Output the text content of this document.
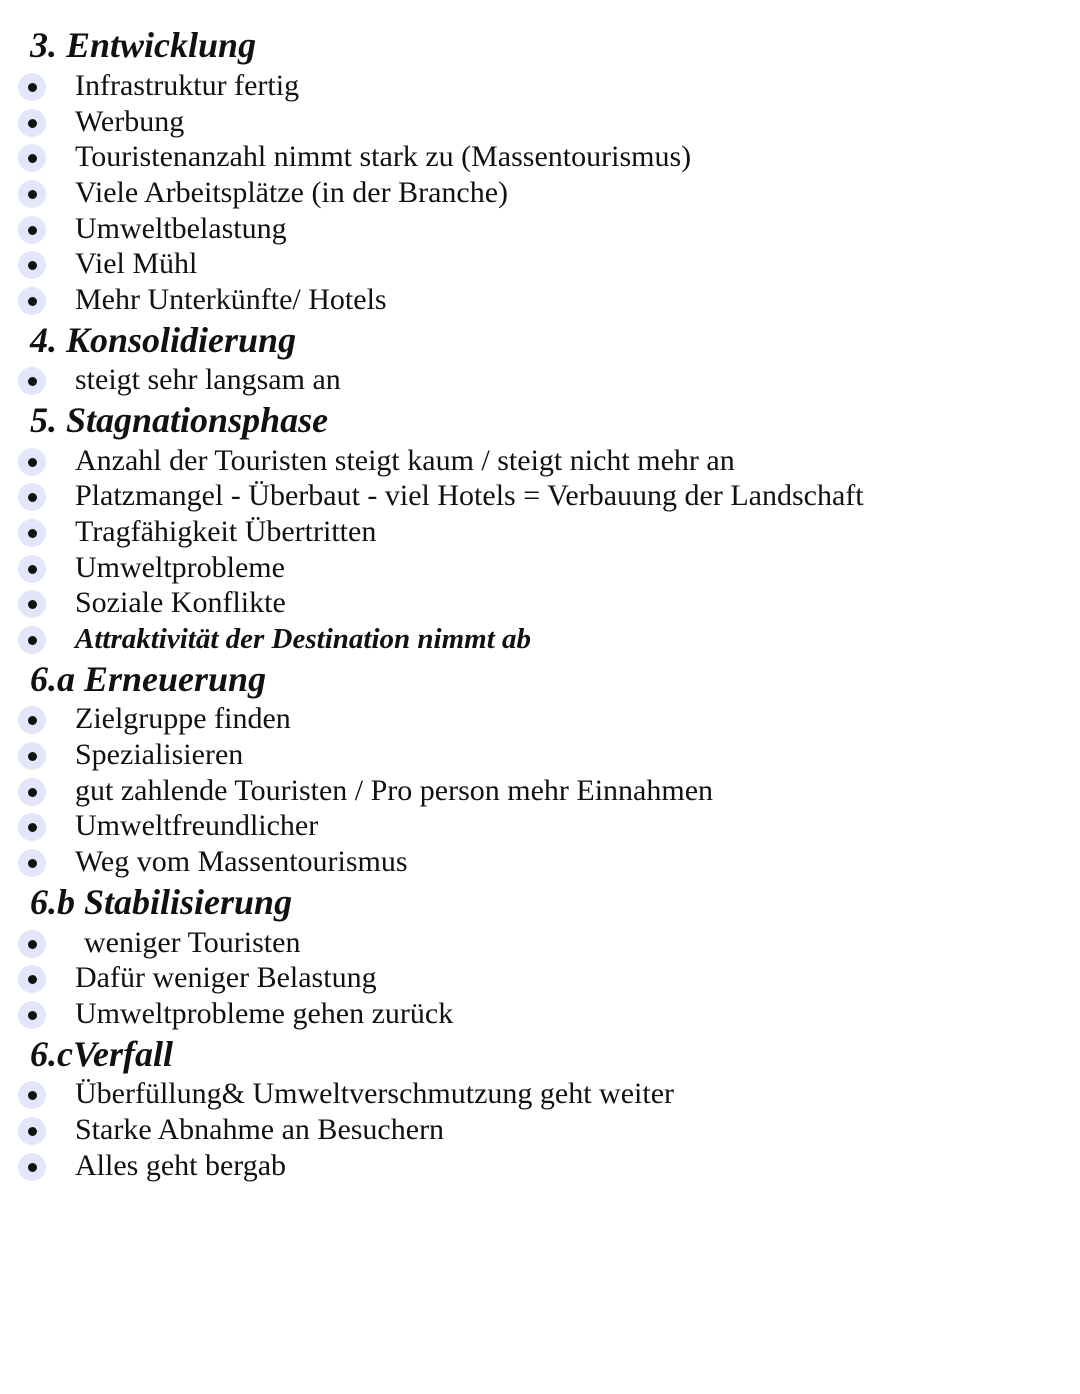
3. Entwicklung
Infrastruktur fertig
Werbung
Touristenanzahl nimmt stark zu (Massentourismus)
Viele Arbeitsplätze (in der Branche)
Umweltbelastung
Viel Mühl
Mehr Unterkünfte/ Hotels
4. Konsolidierung
steigt sehr langsam an
5. Stagnationsphase
Anzahl der Touristen steigt kaum / steigt nicht mehr an
Platzmangel - Überbaut - viel Hotels = Verbauung der Landschaft
Tragfähigkeit Übertritten
Umweltprobleme
Soziale Konflikte
Attraktivität der Destination nimmt ab
6.a Erneuerung
Zielgruppe finden
Spezialisieren
gut zahlende Touristen / Pro person mehr Einnahmen
Umweltfreundlicher
Weg vom Massentourismus
6.b Stabilisierung
weniger Touristen
Dafür weniger Belastung
Umweltprobleme gehen zurück
6.cVerfall
Überfüllung& Umweltverschmutzung geht weiter
Starke Abnahme an Besuchern
Alles geht bergab
